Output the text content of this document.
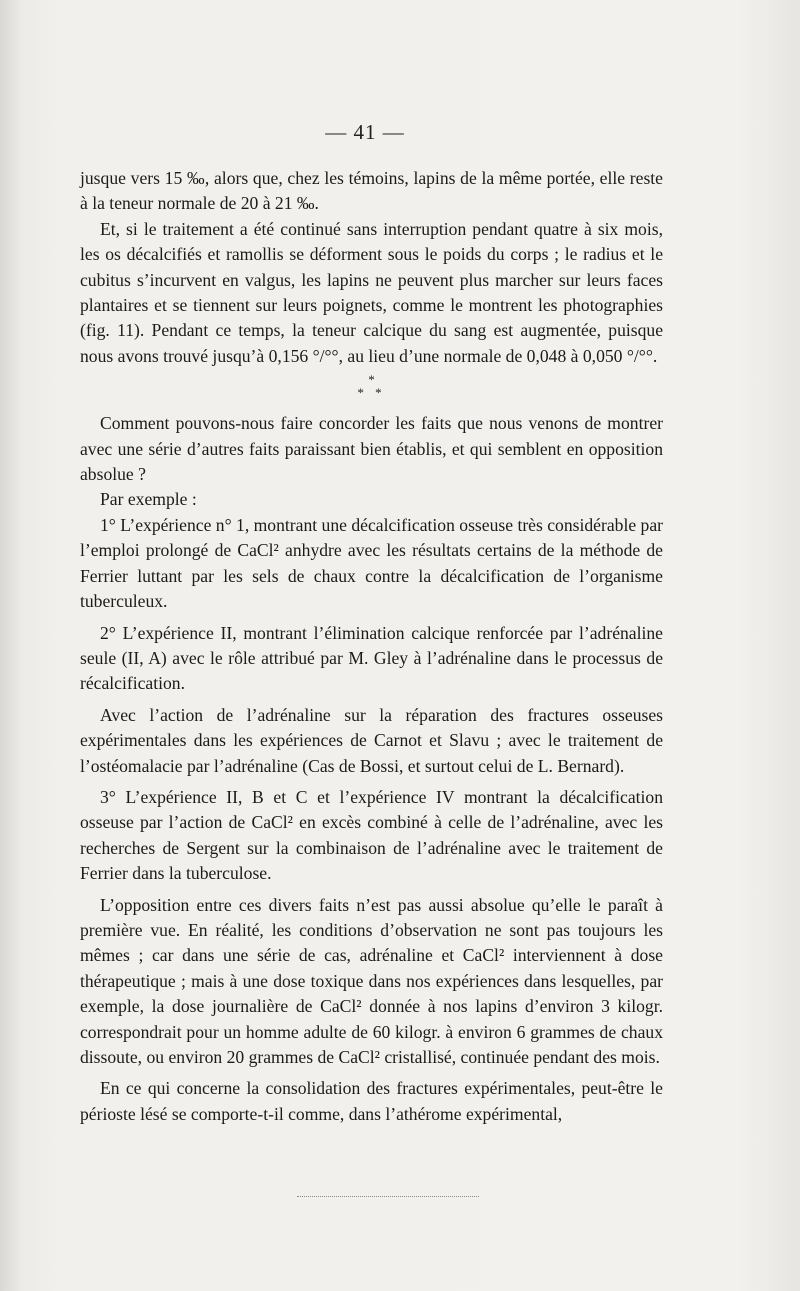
— 41 —

jusque vers 15 ‰, alors que, chez les témoins, lapins de la même portée, elle reste à la teneur normale de 20 à 21 ‰.

Et, si le traitement a été continué sans interruption pendant quatre à six mois, les os décalcifiés et ramollis se déforment sous le poids du corps ; le radius et le cubitus s’incurvent en valgus, les lapins ne peuvent plus marcher sur leurs faces plantaires et se tiennent sur leurs poignets, comme le montrent les photographies (fig. 11). Pendant ce temps, la teneur calcique du sang est augmentée, puisque nous avons trouvé jusqu’à 0,156 °/°°, au lieu d’une normale de 0,048 à 0,050 °/°°.

*
* *

Comment pouvons-nous faire concorder les faits que nous venons de montrer avec une série d’autres faits paraissant bien établis, et qui semblent en opposition absolue ?

Par exemple :

1° L’expérience n° 1, montrant une décalcification osseuse très considérable par l’emploi prolongé de CaCl² anhydre avec les résultats certains de la méthode de Ferrier luttant par les sels de chaux contre la décalcification de l’organisme tuberculeux.

2° L’expérience II, montrant l’élimination calcique renforcée par l’adrénaline seule (II, A) avec le rôle attribué par M. Gley à l’adrénaline dans le processus de récalcification.

Avec l’action de l’adrénaline sur la réparation des fractures osseuses expérimentales dans les expériences de Carnot et Slavu ; avec le traitement de l’ostéomalacie par l’adrénaline (Cas de Bossi, et surtout celui de L. Bernard).

3° L’expérience II, B et C et l’expérience IV montrant la décalcification osseuse par l’action de CaCl² en excès combiné à celle de l’adrénaline, avec les recherches de Sergent sur la combinaison de l’adrénaline avec le traitement de Ferrier dans la tuberculose.

L’opposition entre ces divers faits n’est pas aussi absolue qu’elle le paraît à première vue. En réalité, les conditions d’observation ne sont pas toujours les mêmes ; car dans une série de cas, adrénaline et CaCl² interviennent à dose thérapeutique ; mais à une dose toxique dans nos expériences dans lesquelles, par exemple, la dose journalière de CaCl² donnée à nos lapins d’environ 3 kilogr. correspondrait pour un homme adulte de 60 kilogr. à environ 6 grammes de chaux dissoute, ou environ 20 grammes de CaCl² cristallisé, continuée pendant des mois.

En ce qui concerne la consolidation des fractures expérimentales, peut-être le périoste lésé se comporte-t-il comme, dans l’athérome expérimental,
